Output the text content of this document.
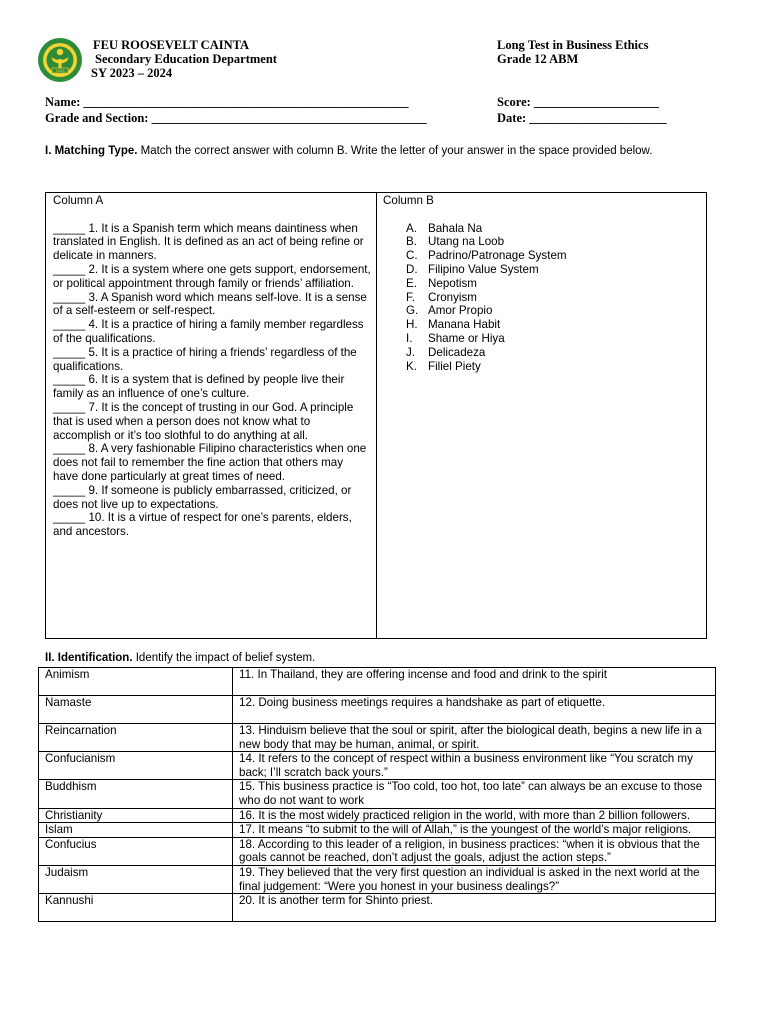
1933
FEU ROOSEVELT CAINTA
Secondary Education Department
SY 2023 – 2024
Long Test in Business Ethics
Grade 12 ABM
Name: ____________________________________________________
Grade and Section: ____________________________________________
Score: ____________________
Date: ______________________
I. Matching Type. Match the correct answer with column B. Write the letter of your answer in the space provided below.
Column A

_____ 1. It is a Spanish term which means daintiness when translated in English. It is defined as an act of being refine or delicate in manners.

_____ 2. It is a system where one gets support, endorsement, or political appointment through family or friends’ affiliation.

_____ 3. A Spanish word which means self-love. It is a sense of a self-esteem or self-respect.

_____ 4. It is a practice of hiring a family member regardless of the qualifications.

_____ 5. It is a practice of hiring a friends’ regardless of the qualifications.

_____ 6. It is a system that is defined by people live their family as an influence of one’s culture.

_____ 7. It is the concept of trusting in our God. A principle that is used when a person does not know what to accomplish or it’s too slothful to do anything at all.

_____ 8. A very fashionable Filipino characteristics when one does not fail to remember the fine action that others may have done particularly at great times of need.

_____ 9. If someone is publicly embarrassed, criticized, or does not live up to expectations.

_____ 10. It is a virtue of respect for one’s parents, elders, and ancestors.

Column B
A. Bahala Na
B. Utang na Loob
C. Padrino/Patronage System
D. Filipino Value System
E. Nepotism
F.	Cronyism
G. Amor Propio
H. Manana Habit
I.	Shame or Hiya
J.	Delicadeza
K. Filiel Piety
II. Identification. Identify the impact of belief system.
Animism	11. In Thailand, they are offering incense and food and drink to the spirit
Namaste	12. Doing business meetings requires a handshake as part of etiquette.
Reincarnation	13. Hinduism believe that the soul or spirit, after the biological death, begins a new life in a new body that may be human, animal, or spirit.
Confucianism	14. It refers to the concept of respect within a business environment like “You scratch my back; I’ll scratch back yours.”
Buddhism	15. This business practice is “Too cold, too hot, too late” can always be an excuse to those who do not want to work
Christianity	16. It is the most widely practiced religion in the world, with more than 2 billion followers.
Islam	17. It means “to submit to the will of Allah,” is the youngest of the world’s major religions.
Confucius	18. According to this leader of a religion, in business practices: “when it is obvious that the goals cannot be reached, don’t adjust the goals, adjust the action steps.”
Judaism	19. They believed that the very first question an individual is asked in the next world at the final judgement: “Were you honest in your business dealings?”
Kannushi	20. It is another term for Shinto priest.
